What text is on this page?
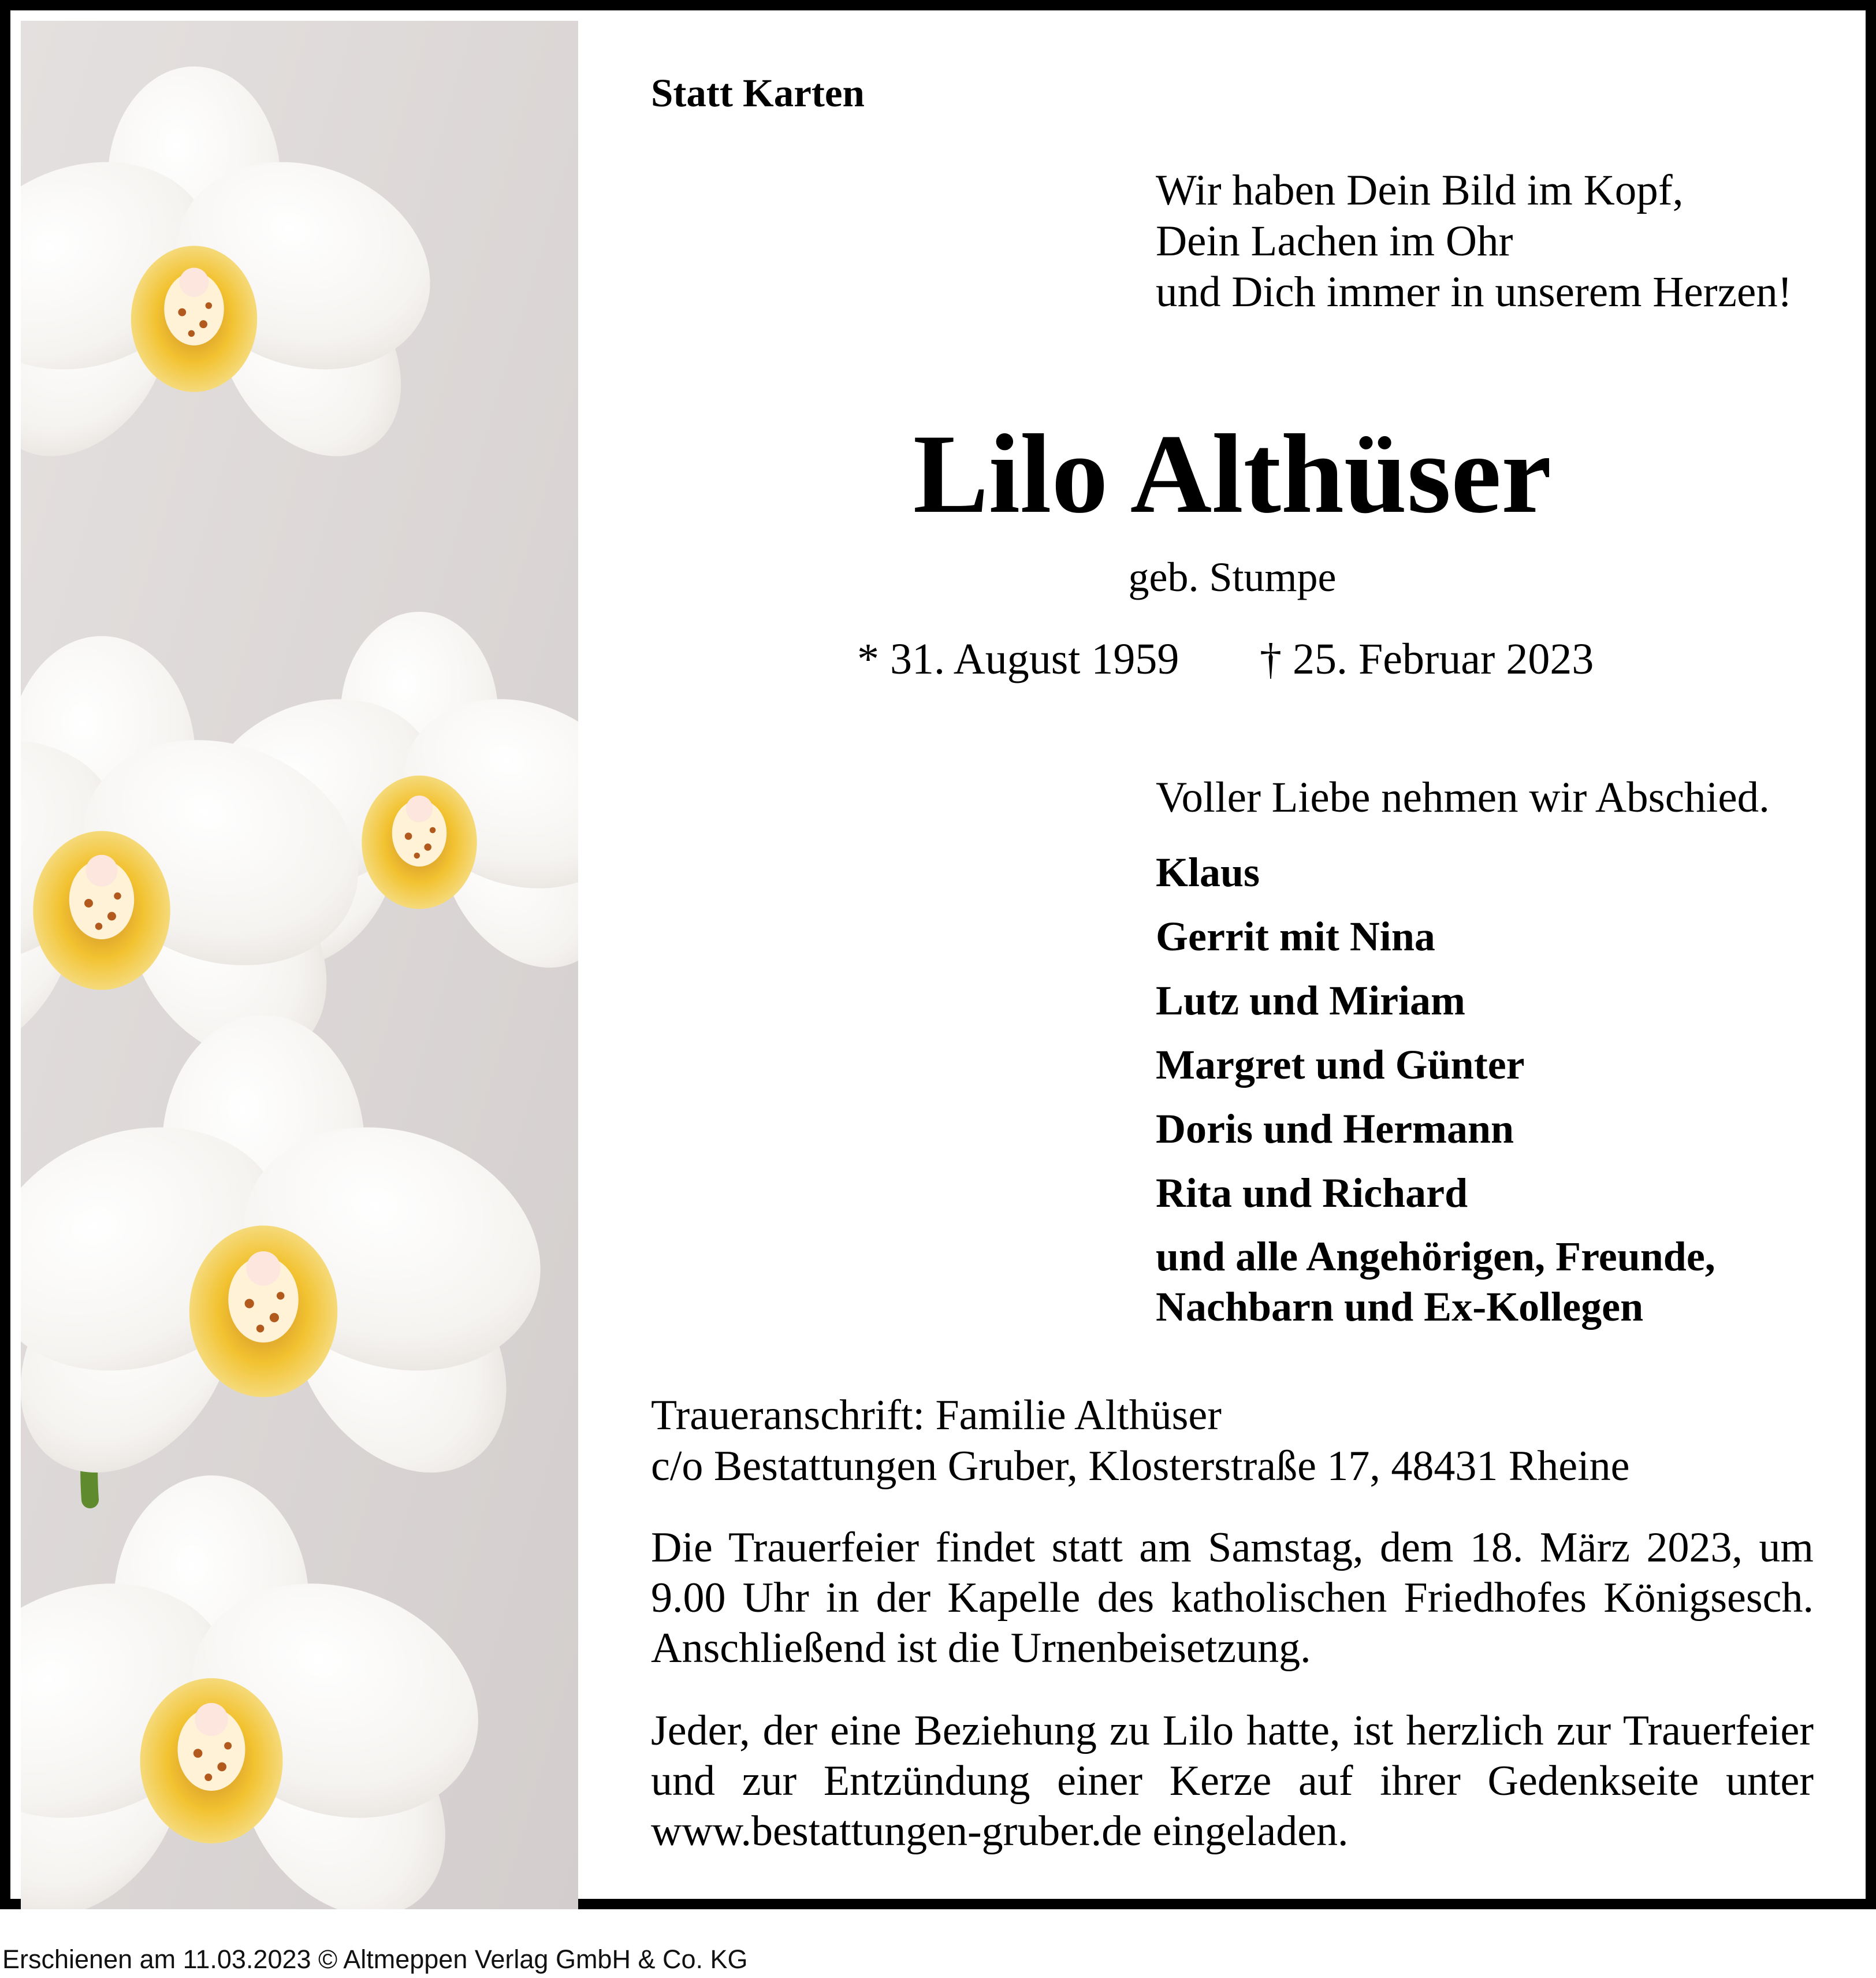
Statt Karten
Wir haben Dein Bild im Kopf,
Dein Lachen im Ohr
und Dich immer in unserem Herzen!
Lilo Althüser
geb. Stumpe
* 31. August 1959 † 25. Februar 2023
Voller Liebe nehmen wir Abschied.
Klaus
Gerrit mit Nina
Lutz und Miriam
Margret und Günter
Doris und Hermann
Rita und Richard
und alle Angehörigen, Freunde,
Nachbarn und Ex-Kollegen
Traueranschrift: Familie Althüser
c/o Bestattungen Gruber, Klosterstraße 17, 48431 Rheine
Die Trauerfeier findet statt am Samstag, dem 18. März 2023, um 9.00 Uhr in der Kapelle des katholischen Friedhofes Königsesch. Anschließend ist die Urnenbeisetzung.
Jeder, der eine Beziehung zu Lilo hatte, ist herzlich zur Trauerfeier und zur Entzündung einer Kerze auf ihrer Gedenkseite unter www.bestattungen-gruber.de eingeladen.
Erschienen am 11.03.2023 © Altmeppen Verlag GmbH & Co. KG
